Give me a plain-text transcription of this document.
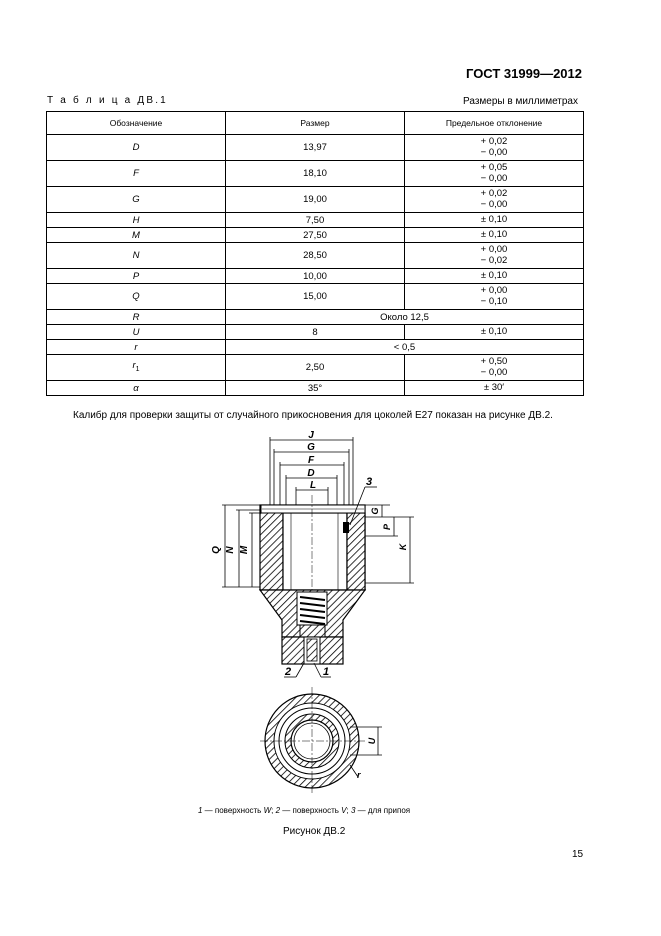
ГОСТ 31999—2012
Т а б л и ц а ДВ.1	Размеры в миллиметрах
Обозначение	Размер	Предельное отклонение
D	13,97	+ 0,02
− 0,00

F	18,10	+ 0,05
− 0,00

G	19,00	+ 0,02
− 0,00

H	7,50	± 0,10

M	27,50	± 0,10

N	28,50	+ 0,00
− 0,02

P	10,00	± 0,10

Q	15,00	+ 0,00
− 0,10

R	Около 12,5	
U	8	± 0,10

r	< 0,5	
$r_1$	2,50	+ 0,50
− 0,00

α	35°	± 30′
Калибр для проверки защиты от случайного прикосновения для цоколей Е27 показан на рисунке ДВ.2.
J
G
F
D
L
Q N M
G
P
K
3
2	1
U
r
1 — поверхность W; 2 — поверхность V; 3 — для припоя
Рисунок ДВ.2
15
